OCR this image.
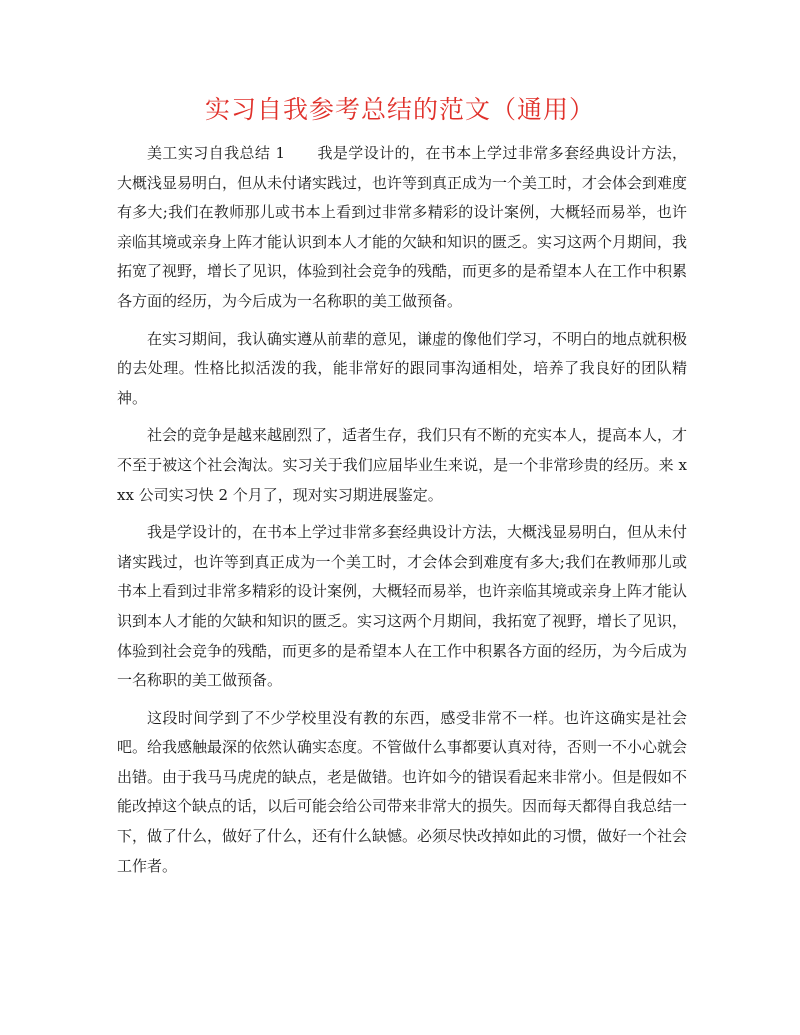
实习自我参考总结的范文（通用）

美工实习自我总结 1 我是学设计的，在书本上学过非常多套经典设计方法，大概浅显易明白，但从未付诸实践过，也许等到真正成为一个美工时，才会体会到难度有多大;我们在教师那儿或书本上看到过非常多精彩的设计案例，大概轻而易举，也许亲临其境或亲身上阵才能认识到本人才能的欠缺和知识的匮乏。实习这两个月期间，我拓宽了视野，增长了见识，体验到社会竞争的残酷，而更多的是希望本人在工作中积累各方面的经历，为今后成为一名称职的美工做预备。

在实习期间，我认确实遵从前辈的意见，谦虚的像他们学习，不明白的地点就积极的去处理。性格比拟活泼的我，能非常好的跟同事沟通相处，培养了我良好的团队精神。

社会的竞争是越来越剧烈了，适者生存，我们只有不断的充实本人，提高本人，才不至于被这个社会淘汰。实习关于我们应届毕业生来说，是一个非常珍贵的经历。来 xxx 公司实习快 2 个月了，现对实习期进展鉴定。

我是学设计的，在书本上学过非常多套经典设计方法，大概浅显易明白，但从未付诸实践过，也许等到真正成为一个美工时，才会体会到难度有多大;我们在教师那儿或书本上看到过非常多精彩的设计案例，大概轻而易举，也许亲临其境或亲身上阵才能认识到本人才能的欠缺和知识的匮乏。实习这两个月期间，我拓宽了视野，增长了见识，体验到社会竞争的残酷，而更多的是希望本人在工作中积累各方面的经历，为今后成为一名称职的美工做预备。

这段时间学到了不少学校里没有教的东西，感受非常不一样。也许这确实是社会吧。给我感触最深的依然认确实态度。不管做什么事都要认真对待，否则一不小心就会出错。由于我马马虎虎的缺点，老是做错。也许如今的错误看起来非常小。但是假如不能改掉这个缺点的话，以后可能会给公司带来非常大的损失。因而每天都得自我总结一下，做了什么，做好了什么，还有什么缺憾。必须尽快改掉如此的习惯，做好一个社会工作者。
